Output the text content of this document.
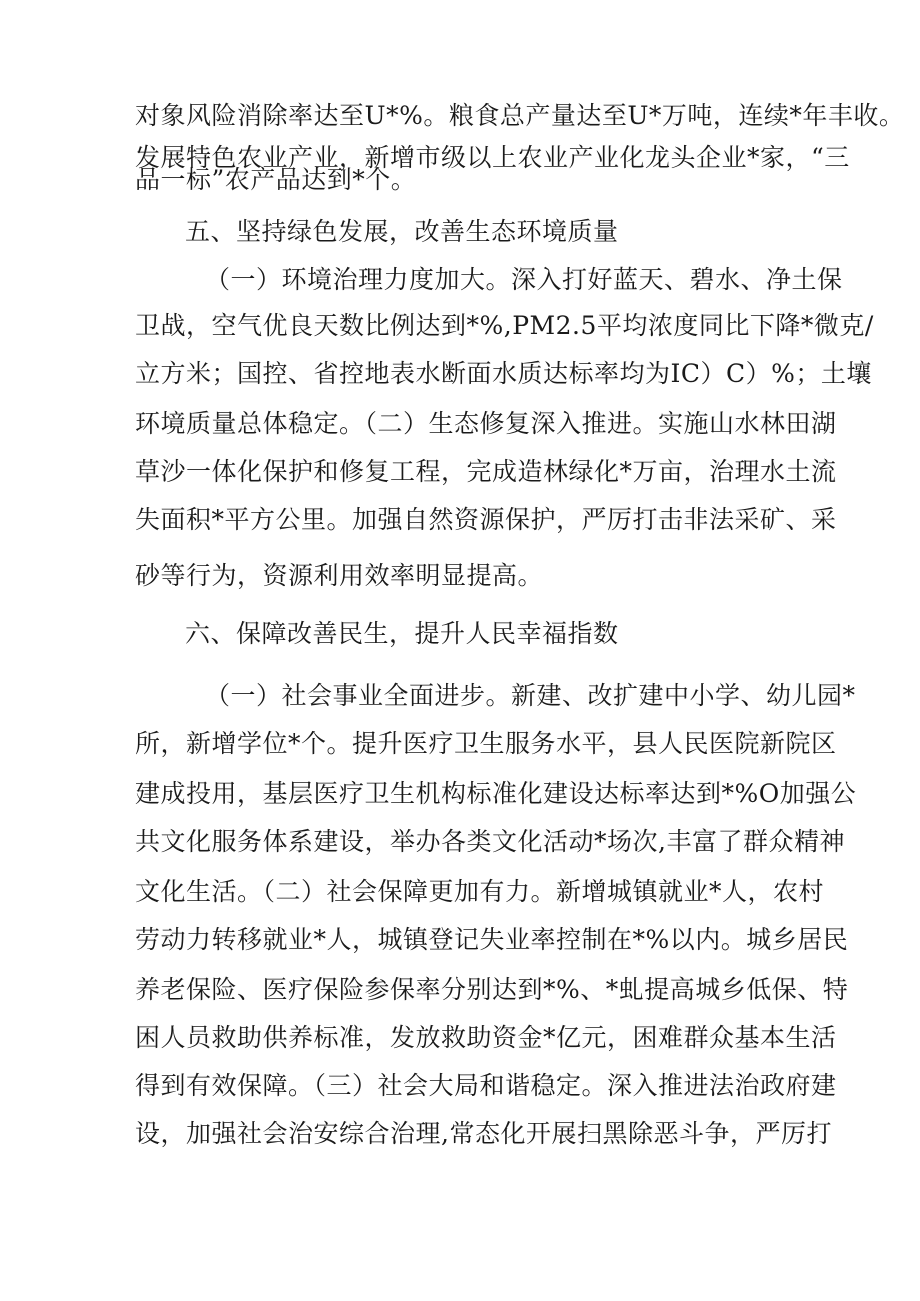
对象风险消除率达至U*%。粮食总产量达至U*万吨，连续*年丰收。
发展特色农业产业，新增市级以上农业产业化龙头企业*家，“三
品一标”农产品达到*个。
五、坚持绿色发展，改善生态环境质量
（一）环境治理力度加大。深入打好蓝天、碧水、净土保
卫战，空气优良天数比例达到*%,PM2.5平均浓度同比下降*微克/
立方米；国控、省控地表水断面水质达标率均为IC）C）%；土壤
环境质量总体稳定。（二）生态修复深入推进。实施山水林田湖
草沙一体化保护和修复工程，完成造林绿化*万亩，治理水土流
失面积*平方公里。加强自然资源保护，严厉打击非法采矿、采
砂等行为，资源利用效率明显提高。
六、保障改善民生，提升人民幸福指数
（一）社会事业全面进步。新建、改扩建中小学、幼儿园*
所，新增学位*个。提升医疗卫生服务水平，县人民医院新院区
建成投用，基层医疗卫生机构标准化建设达标率达到*%O加强公
共文化服务体系建设，举办各类文化活动*场次,丰富了群众精神
文化生活。（二）社会保障更加有力。新增城镇就业*人，农村
劳动力转移就业*人，城镇登记失业率控制在*%以内。城乡居民
养老保险、医疗保险参保率分别达到*%、*虬提高城乡低保、特
困人员救助供养标准，发放救助资金*亿元，困难群众基本生活
得到有效保障。（三）社会大局和谐稳定。深入推进法治政府建
设，加强社会治安综合治理,常态化开展扫黑除恶斗争，严厉打
